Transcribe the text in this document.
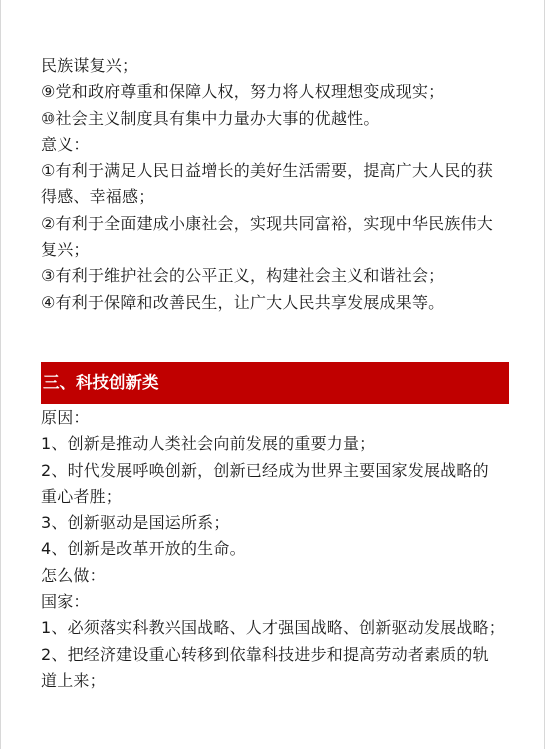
民族谋复兴；
⑨党和政府尊重和保障人权，努力将人权理想变成现实；
⑩社会主义制度具有集中力量办大事的优越性。
意义：
①有利于满足人民日益增长的美好生活需要，提高广大人民的获
得感、幸福感；
②有利于全面建成小康社会，实现共同富裕，实现中华民族伟大
复兴；
③有利于维护社会的公平正义，构建社会主义和谐社会；
④有利于保障和改善民生，让广大人民共享发展成果等。
三、科技创新类
原因：
1、创新是推动人类社会向前发展的重要力量；
2、时代发展呼唤创新，创新已经成为世界主要国家发展战略的
重心者胜；
3、创新驱动是国运所系；
4、创新是改革开放的生命。
怎么做：
国家：
1、必须落实科教兴国战略、人才强国战略、创新驱动发展战略；
2、把经济建设重心转移到依靠科技进步和提高劳动者素质的轨
道上来；
